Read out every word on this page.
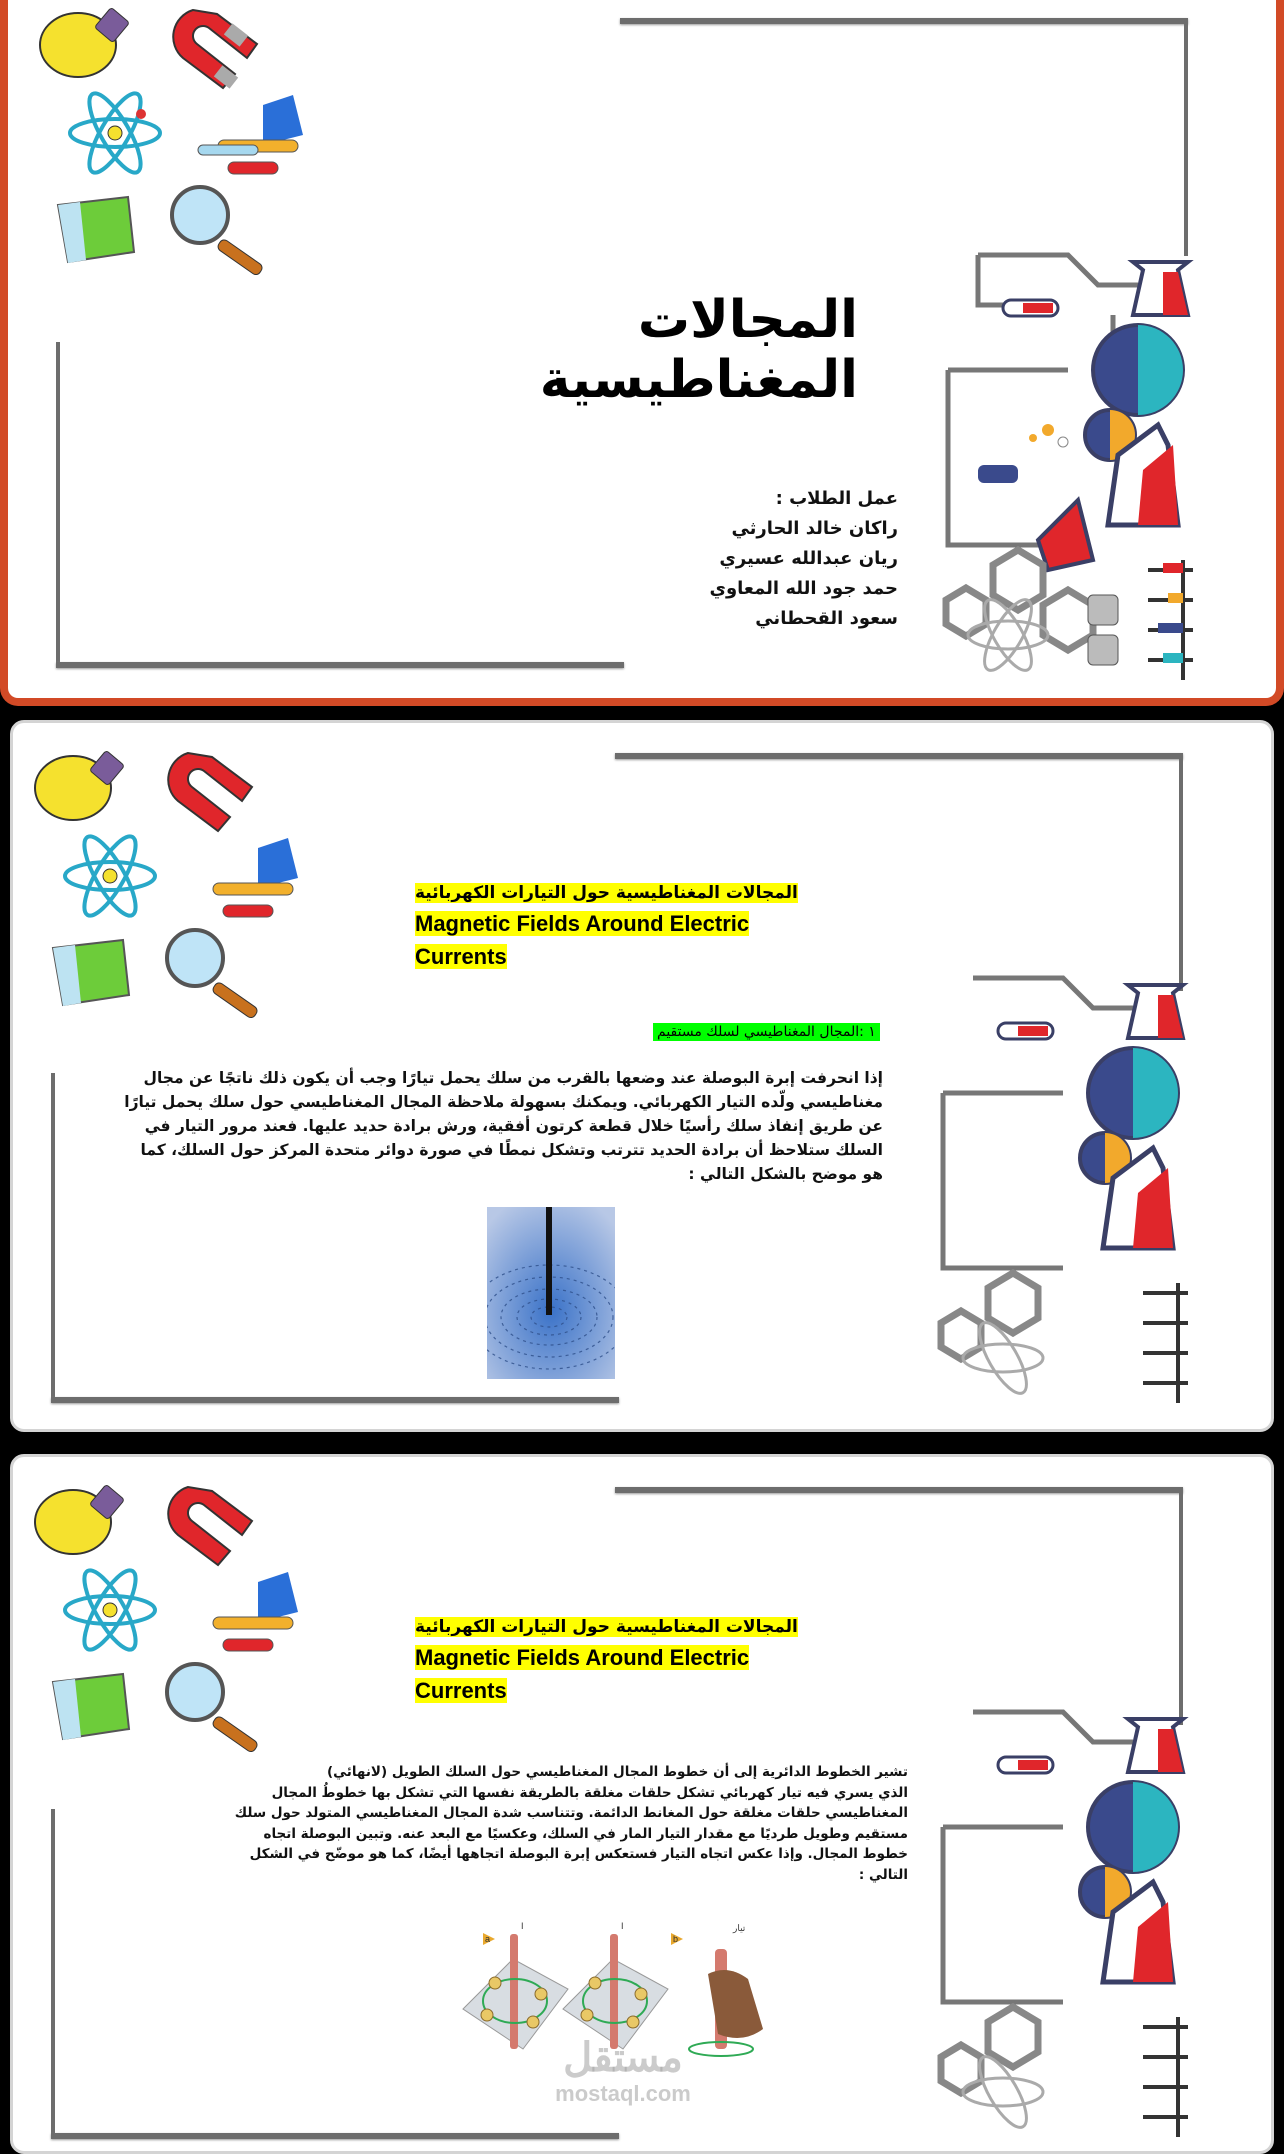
المجالات المغناطيسية
عمل الطلاب :
راكان خالد الحارثي
ريان عبدالله عسيري
حمد جود الله المعاوي
سعود القحطاني
المجالات المغناطيسية حول التيارات الكهربائية
Magnetic Fields Around Electric
Currents
١ :المجال المغناطيسي لسلك مستقيم
إذا انحرفت إبرة البوصلة عند وضعها بالقرب من سلك يحمل تيارًا وجب أن يكون ذلك ناتجًا عن مجال
مغناطيسي ولّده التيار الكهربائي. ويمكنك بسهولة ملاحظة المجال المغناطيسي حول سلك يحمل تيارًا
عن طريق إنفاذ سلك رأسيًا خلال قطعة كرتون أفقية، ورش برادة حديد عليها. فعند مرور التيار في
السلك ستلاحظ أن برادة الحديد تترتب وتشكل نمطًا في صورة دوائر متحدة المركز حول السلك، كما
هو موضح بالشكل التالي :
المجالات المغناطيسية حول التيارات الكهربائية
Magnetic Fields Around Electric
Currents
تشير الخطوط الدائرية إلى أن خطوط المجال المغناطيسي حول السلك الطويل (لانهائي)
الذي يسري فيه تيار كهربائي تشكل حلقات مغلقة بالطريقة نفسها التي تشكل بها خطوطُ المجال
المغناطيسي حلقات مغلقة حول المغانط الدائمة. وتتناسب شدة المجال المغناطيسي المتولد حول سلك
مستقيم وطويل طرديًا مع مقدار التيار المار في السلك، وعكسيًا مع البعد عنه. وتبين البوصلة اتجاه
خطوط المجال. وإذا عكس اتجاه التيار فستعكس إبرة البوصلة اتجاهها أيضًا، كما هو موضّح في الشكل
التالي :
a
I	I
b
تيار
مستقل
mostaql.com
